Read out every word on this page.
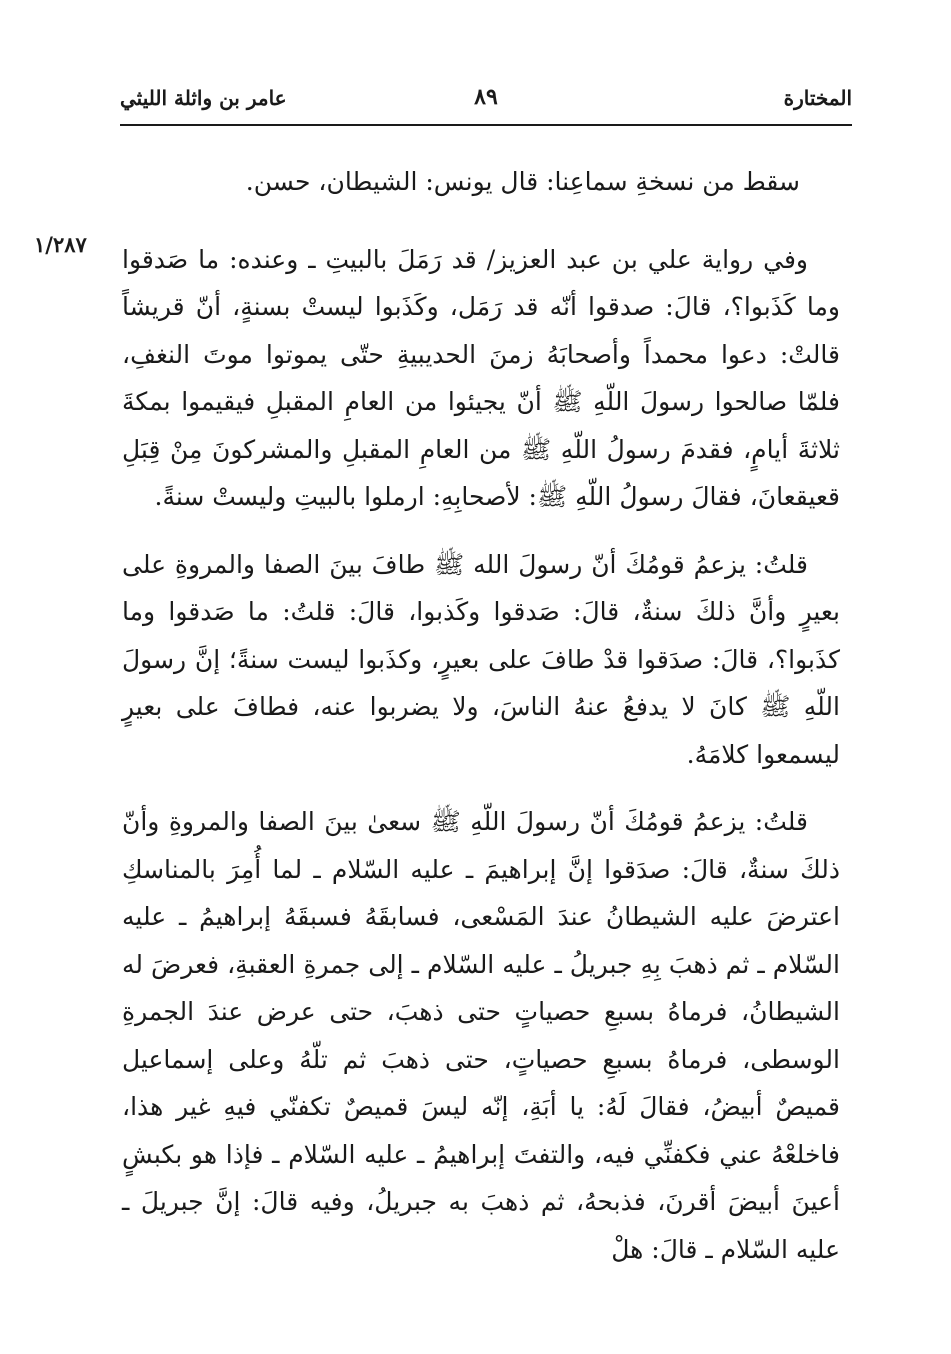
المختارة
٨٩
عامر بن واثلة الليثي
١/٢٨٧

سقط من نسخةِ سماعِنا: قال يونس: الشيطان، حسن.

وفي رواية علي بن عبد العزيز/ قد رَمَلَ بالبيتِ ـ وعنده: ما صَدقوا وما كَذَبوا؟، قالَ: صدقوا أنّه قد رَمَل، وكَذَبوا ليستْ بسنةٍ، أنّ قريشاً قالتْ: دعوا محمداً وأصحابَهُ زمنَ الحديبيةِ حتّى يموتوا موتَ النغفِ، فلمّا صالحوا رسولَ اللّهِ ﷺ أنّ يجيئوا من العامِ المقبلِ فيقيموا بمكةَ ثلاثةَ أيامٍ، فقدمَ رسولُ اللّهِ ﷺ من العامِ المقبلِ والمشركونَ مِنْ قِبَلِ قعيقعانَ، فقالَ رسولُ اللّهِ ﷺ: لأصحابِهِ: ارملوا بالبيتِ وليستْ سنةً.

قلتُ: يزعمُ قومُكَ أنّ رسولَ الله ﷺ طافَ بينَ الصفا والمروةِ على بعيرٍ وأنَّ ذلكَ سنةٌ، قالَ: صَدقوا وكَذبوا، قالَ: قلتُ: ما صَدقوا وما كذَبوا؟، قالَ: صدَقوا قدْ طافَ على بعيرٍ، وكذَبوا ليست سنةً؛ إنَّ رسولَ اللّهِ ﷺ كانَ لا يدفعُ عنهُ الناسَ، ولا يضربوا عنه، فطافَ على بعيرٍ ليسمعوا كلامَهُ.

قلتُ: يزعمُ قومُكَ أنّ رسولَ اللّهِ ﷺ سعىٰ بينَ الصفا والمروةِ وأنّ ذلكَ سنةٌ، قالَ: صدَقوا إنَّ إبراهيمَ ـ عليه السّلام ـ لما أُمِرَ بالمناسكِ اعترضَ عليه الشيطانُ عندَ المَسْعى، فسابقَهُ فسبقَهُ إبراهيمُ ـ عليه السّلام ـ ثم ذهبَ بِهِ جبريلُ ـ عليه السّلام ـ إلى جمرةِ العقبةِ، فعرضَ له الشيطانُ، فرماهُ بسبعِ حصياتٍ حتى ذهبَ، حتى عرض عندَ الجمرةِ الوسطى، فرماهُ بسبعِ حصياتٍ، حتى ذهبَ ثم تلّهُ وعلى إسماعيل قميصٌ أبيضُ، فقالَ لَهُ: يا أبَةِ، إنّه ليسَ قميصٌ تكفنّي فيهِ غير هذا، فاخلعْهُ عني فكفنِّي فيه، والتفتَ إبراهيمُ ـ عليه السّلام ـ فإذا هو بكبشٍ أعينَ أبيضَ أقرنَ، فذبحهُ، ثم ذهبَ به جبريلُ، وفيه قالَ: إنَّ جبريلَ ـ عليه السّلام ـ قالَ: هلْ
